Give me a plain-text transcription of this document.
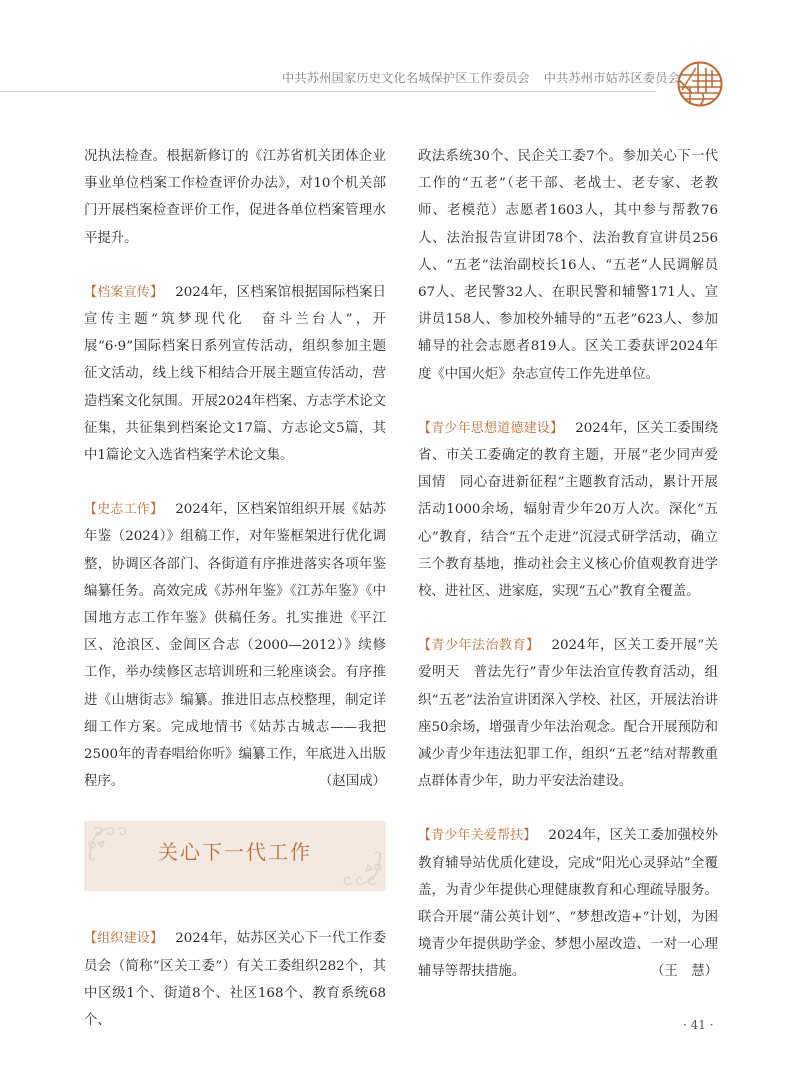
中共苏州国家历史文化名城保护区工作委员会 中共苏州市姑苏区委员会

况执法检查。根据新修订的《江苏省机关团体企业事业单位档案工作检查评价办法》，对10个机关部门开展档案检查评价工作，促进各单位档案管理水平提升。

【档案宣传】 2024年，区档案馆根据国际档案日宣传主题“筑梦现代化　奋斗兰台人”，开展“6·9”国际档案日系列宣传活动，组织参加主题征文活动，线上线下相结合开展主题宣传活动，营造档案文化氛围。开展2024年档案、方志学术论文征集，共征集到档案论文17篇、方志论文5篇，其中1篇论文入选省档案学术论文集。

【史志工作】 2024年，区档案馆组织开展《姑苏年鉴（2024）》组稿工作，对年鉴框架进行优化调整，协调区各部门、各街道有序推进落实各项年鉴编纂任务。高效完成《苏州年鉴》《江苏年鉴》《中国地方志工作年鉴》供稿任务。扎实推进《平江区、沧浪区、金阊区合志（2000—2012）》续修工作，举办续修区志培训班和三轮座谈会。有序推进《山塘街志》编纂。推进旧志点校整理，制定详细工作方案。完成地情书《姑苏古城志——我把2500年的青春唱给你听》编纂工作，年底进入出版程序。	（赵国成）

关心下一代工作

【组织建设】 2024年，姑苏区关心下一代工作委员会（简称“区关工委”）有关工委组织282个，其中区级1个、街道8个、社区168个、教育系统68个、

政法系统30个、民企关工委7个。参加关心下一代工作的“五老”（老干部、老战士、老专家、老教师、老模范）志愿者1603人，其中参与帮教76人、法治报告宣讲团78个、法治教育宣讲员256人、“五老”法治副校长16人、“五老”人民调解员67人、老民警32人、在职民警和辅警171人、宣讲员158人、参加校外辅导的“五老”623人、参加辅导的社会志愿者819人。区关工委获评2024年度《中国火炬》杂志宣传工作先进单位。

【青少年思想道德建设】 2024年，区关工委围绕省、市关工委确定的教育主题，开展“老少同声爱国情　同心奋进新征程”主题教育活动，累计开展活动1000余场，辐射青少年20万人次。深化“五心”教育，结合“五个走进”沉浸式研学活动，确立三个教育基地，推动社会主义核心价值观教育进学校、进社区、进家庭，实现“五心”教育全覆盖。

【青少年法治教育】 2024年，区关工委开展“关爱明天　普法先行”青少年法治宣传教育活动，组织“五老”法治宣讲团深入学校、社区，开展法治讲座50余场，增强青少年法治观念。配合开展预防和减少青少年违法犯罪工作，组织“五老”结对帮教重点群体青少年，助力平安法治建设。

【青少年关爱帮扶】 2024年，区关工委加强校外教育辅导站优质化建设，完成“阳光心灵驿站”全覆盖，为青少年提供心理健康教育和心理疏导服务。联合开展“蒲公英计划”、“梦想改造+”计划，为困境青少年提供助学金、梦想小屋改造、一对一心理辅导等帮扶措施。	（王　慧）

· 41 ·
